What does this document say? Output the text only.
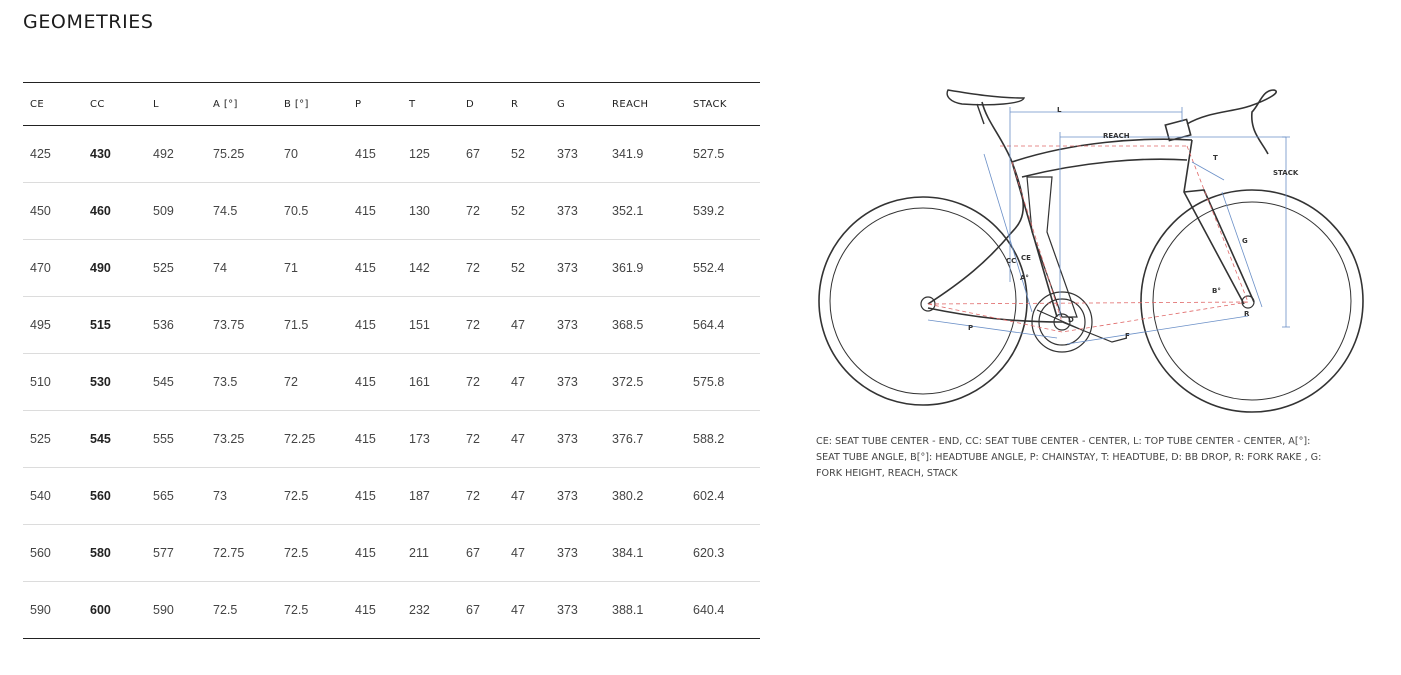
GEOMETRIES
CE	CC	L	A [°]	B [°]	P	T	D	R	G	REACH	STACK
425	430	492	75.25	70	415	125	67	52	373	341.9	527.5
450	460	509	74.5	70.5	415	130	72	52	373	352.1	539.2
470	490	525	74	71	415	142	72	52	373	361.9	552.4
495	515	536	73.75	71.5	415	151	72	47	373	368.5	564.4
510	530	545	73.5	72	415	161	72	47	373	372.5	575.8
525	545	555	73.25	72.25	415	173	72	47	373	376.7	588.2
540	560	565	73	72.5	415	187	72	47	373	380.2	602.4
560	580	577	72.75	72.5	415	211	67	47	373	384.1	620.3
590	600	590	72.5	72.5	415	232	67	47	373	388.1	640.4
L
REACH
STACK
T
G
CC CE
A°
B°
D
R
P
F

CE: SEAT TUBE CENTER - END, CC: SEAT TUBE CENTER - CENTER, L: TOP TUBE CENTER - CENTER, A[°]: SEAT TUBE ANGLE, B[°]: HEADTUBE ANGLE, P: CHAINSTAY, T: HEADTUBE, D: BB DROP, R: FORK RAKE , G: FORK HEIGHT, REACH, STACK
